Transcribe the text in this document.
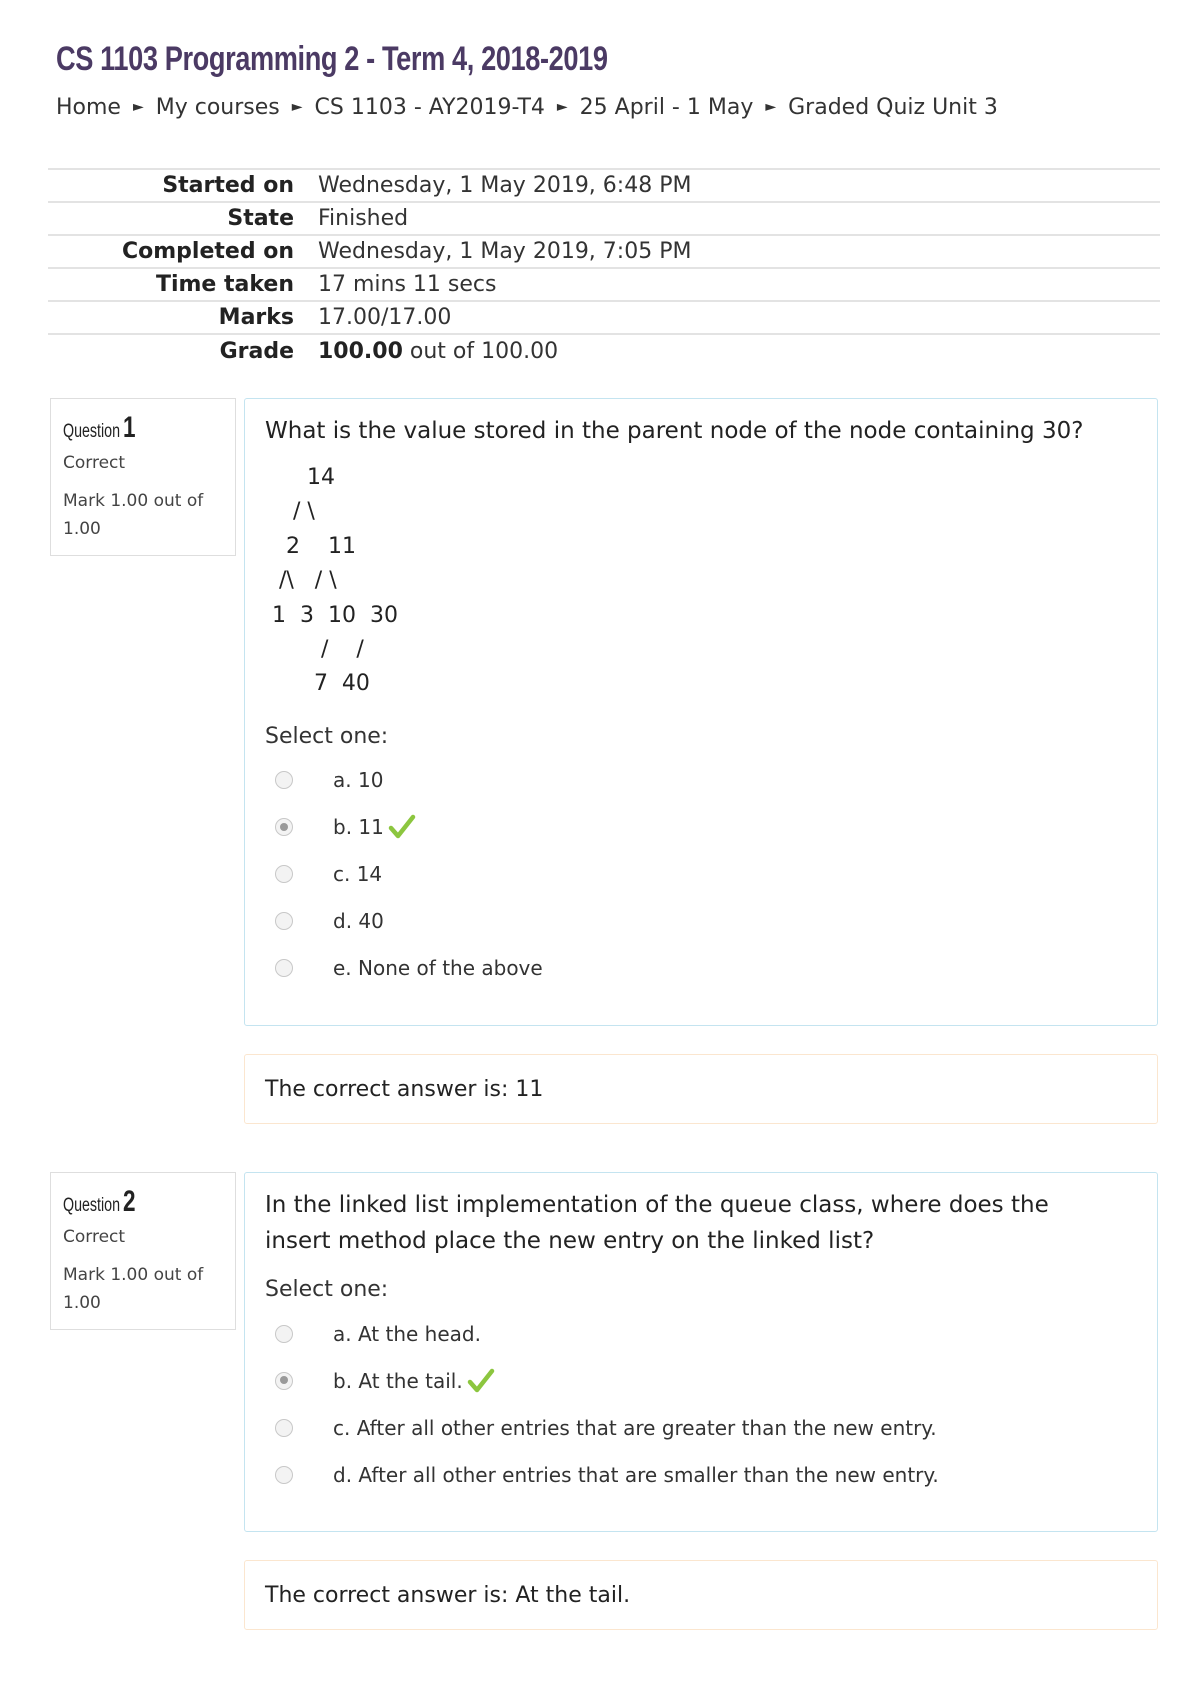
CS 1103 Programming 2 - Term 4, 2018-2019
Home ► My courses ► CS 1103 - AY2019-T4 ► 25 April - 1 May ► Graded Quiz Unit 3
Started on	Wednesday, 1 May 2019, 6:48 PM
State	Finished
Completed on	Wednesday, 1 May 2019, 7:05 PM
Time taken	17 mins 11 secs
Marks	17.00/17.00
Grade	100.00 out of 100.00
Question 1
Correct
Mark 1.00 out of 1.00
What is the value stored in the parent node of the node containing 30?
14
/ \
2    11
/\   / \
1  3  10  30
/    /
7  40
Select one:
a. 10
b. 11
c. 14
d. 40
e. None of the above
The correct answer is: 11
Question 2
Correct
Mark 1.00 out of 1.00
In the linked list implementation of the queue class, where does the insert method place the new entry on the linked list?
Select one:
a. At the head.
b. At the tail.
c. After all other entries that are greater than the new entry.
d. After all other entries that are smaller than the new entry.
The correct answer is: At the tail.
